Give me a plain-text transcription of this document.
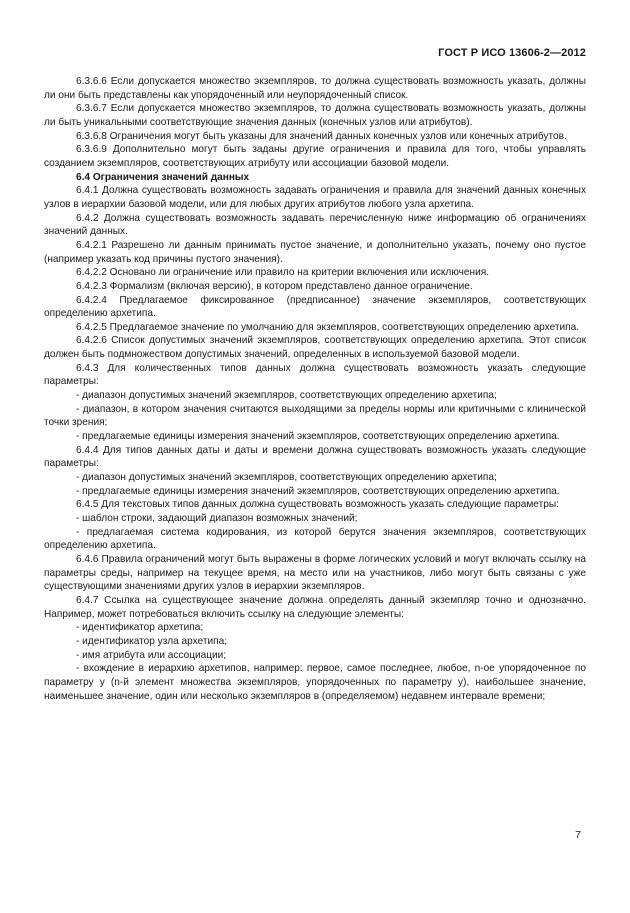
ГОСТ Р ИСО 13606-2—2012

6.3.6.6 Если допускается множество экземпляров, то должна существовать возможность указать, должны ли они быть представлены как упорядоченный или неупорядоченный список.

6.3.6.7 Если допускается множество экземпляров, то должна существовать возможность указать, должны ли быть уникальными соответствующие значения данных (конечных узлов или атрибутов).

6.3.6.8 Ограничения могут быть указаны для значений данных конечных узлов или конечных атрибутов.

6.3.6.9 Дополнительно могут быть заданы другие ограничения и правила для того, чтобы управлять созданием экземпляров, соответствующих атрибуту или ассоциации базовой модели.

6.4 Ограничения значений данных

6.4.1 Должна существовать возможность задавать ограничения и правила для значений данных конечных узлов в иерархии базовой модели, или для любых других атрибутов любого узла архетипа.

6.4.2 Должна существовать возможность задавать перечисленную ниже информацию об ограничениях значений данных.

6.4.2.1 Разрешено ли данным принимать пустое значение, и дополнительно указать, почему оно пустое (например указать код причины пустого значения).

6.4.2.2 Основано ли ограничение или правило на критерии включения или исключения.

6.4.2.3 Формализм (включая версию), в котором представлено данное ограничение.

6.4.2.4 Предлагаемое фиксированное (предписанное) значение экземпляров, соответствующих определению архетипа.

6.4.2.5 Предлагаемое значение по умолчанию для экземпляров, соответствующих определению архетипа.

6.4.2.6 Список допустимых значений экземпляров, соответствующих определению архетипа. Этот список должен быть подмножеством допустимых значений, определенных в используемой базовой модели.

6.4.3 Для количественных типов данных должна существовать возможность указать следующие параметры:

- диапазон допустимых значений экземпляров, соответствующих определению архетипа;

- диапазон, в котором значения считаются выходящими за пределы нормы или критичными с клинической точки зрения;

- предлагаемые единицы измерения значений экземпляров, соответствующих определению архетипа.

6.4.4 Для типов данных даты и даты и времени должна существовать возможность указать следующие параметры:

- диапазон допустимых значений экземпляров, соответствующих определению архетипа;

- предлагаемые единицы измерения значений экземпляров, соответствующих определению архетипа.

6.4.5 Для текстовых типов данных должна существовать возможность указать следующие параметры:

- шаблон строки, задающий диапазон возможных значений;

- предлагаемая система кодирования, из которой берутся значения экземпляров, соответствующих определению архетипа.

6.4.6 Правила ограничений могут быть выражены в форме логических условий и могут включать ссылку на параметры среды, например на текущее время, на место или на участников, либо могут быть связаны с уже существующими значениями других узлов в иерархии экземпляров.

6.4.7 Ссылка на существующее значение должна определять данный экземпляр точно и однозначно. Например, может потребоваться включить ссылку на следующие элементы:

- идентификатор архетипа;

- идентификатор узла архетипа;

- имя атрибута или ассоциации;

- вхождение в иерархию архетипов, например: первое, самое последнее, любое, n-ое упорядоченное по параметру y (n-й элемент множества экземпляров, упорядоченных по параметру y), наибольшее значение, наименьшее значение, один или несколько экземпляров в (определяемом) недавнем интервале времени;

7
